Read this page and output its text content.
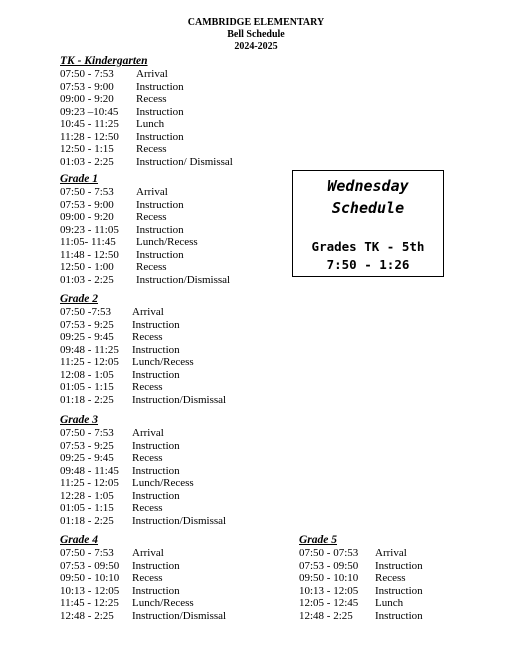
CAMBRIDGE ELEMENTARY
Bell Schedule
2024-2025
TK - Kindergarten
07:50 - 7:53 Arrival
07:53 - 9:00 Instruction
09:00 - 9:20 Recess
09:23 –10:45 Instruction
10:45 - 11:25 Lunch
11:28 - 12:50 Instruction
12:50 - 1:15 Recess
01:03 - 2:25 Instruction/ Dismissal
Grade 1
07:50 - 7:53 Arrival
07:53 - 9:00 Instruction
09:00 - 9:20 Recess
09:23 - 11:05 Instruction
11:05- 11:45 Lunch/Recess
11:48 - 12:50 Instruction
12:50 - 1:00 Recess
01:03 - 2:25 Instruction/Dismissal
Grade 2
07:50 -7:53 Arrival
07:53 - 9:25 Instruction
09:25 - 9:45 Recess
09:48 - 11:25 Instruction
11:25 - 12:05 Lunch/Recess
12:08 - 1:05 Instruction
01:05 - 1:15 Recess
01:18 - 2:25 Instruction/Dismissal
Grade 3
07:50 - 7:53 Arrival
07:53 - 9:25 Instruction
09:25 - 9:45 Recess
09:48 - 11:45 Instruction
11:25 - 12:05 Lunch/Recess
12:28 - 1:05 Instruction
01:05 - 1:15 Recess
01:18 - 2:25 Instruction/Dismissal
Grade 4
07:50 - 7:53 Arrival
07:53 - 09:50 Instruction
09:50 - 10:10 Recess
10:13 - 12:05 Instruction
11:45 - 12:25 Lunch/Recess
12:48 - 2:25 Instruction/Dismissal
Grade 5
07:50 - 07:53 Arrival
07:53 - 09:50 Instruction
09:50 - 10:10 Recess
10:13 - 12:05 Instruction
12:05 - 12:45 Lunch
12:48 - 2:25 Instruction
Wednesday
Schedule
Grades TK - 5th
7:50 - 1:26
